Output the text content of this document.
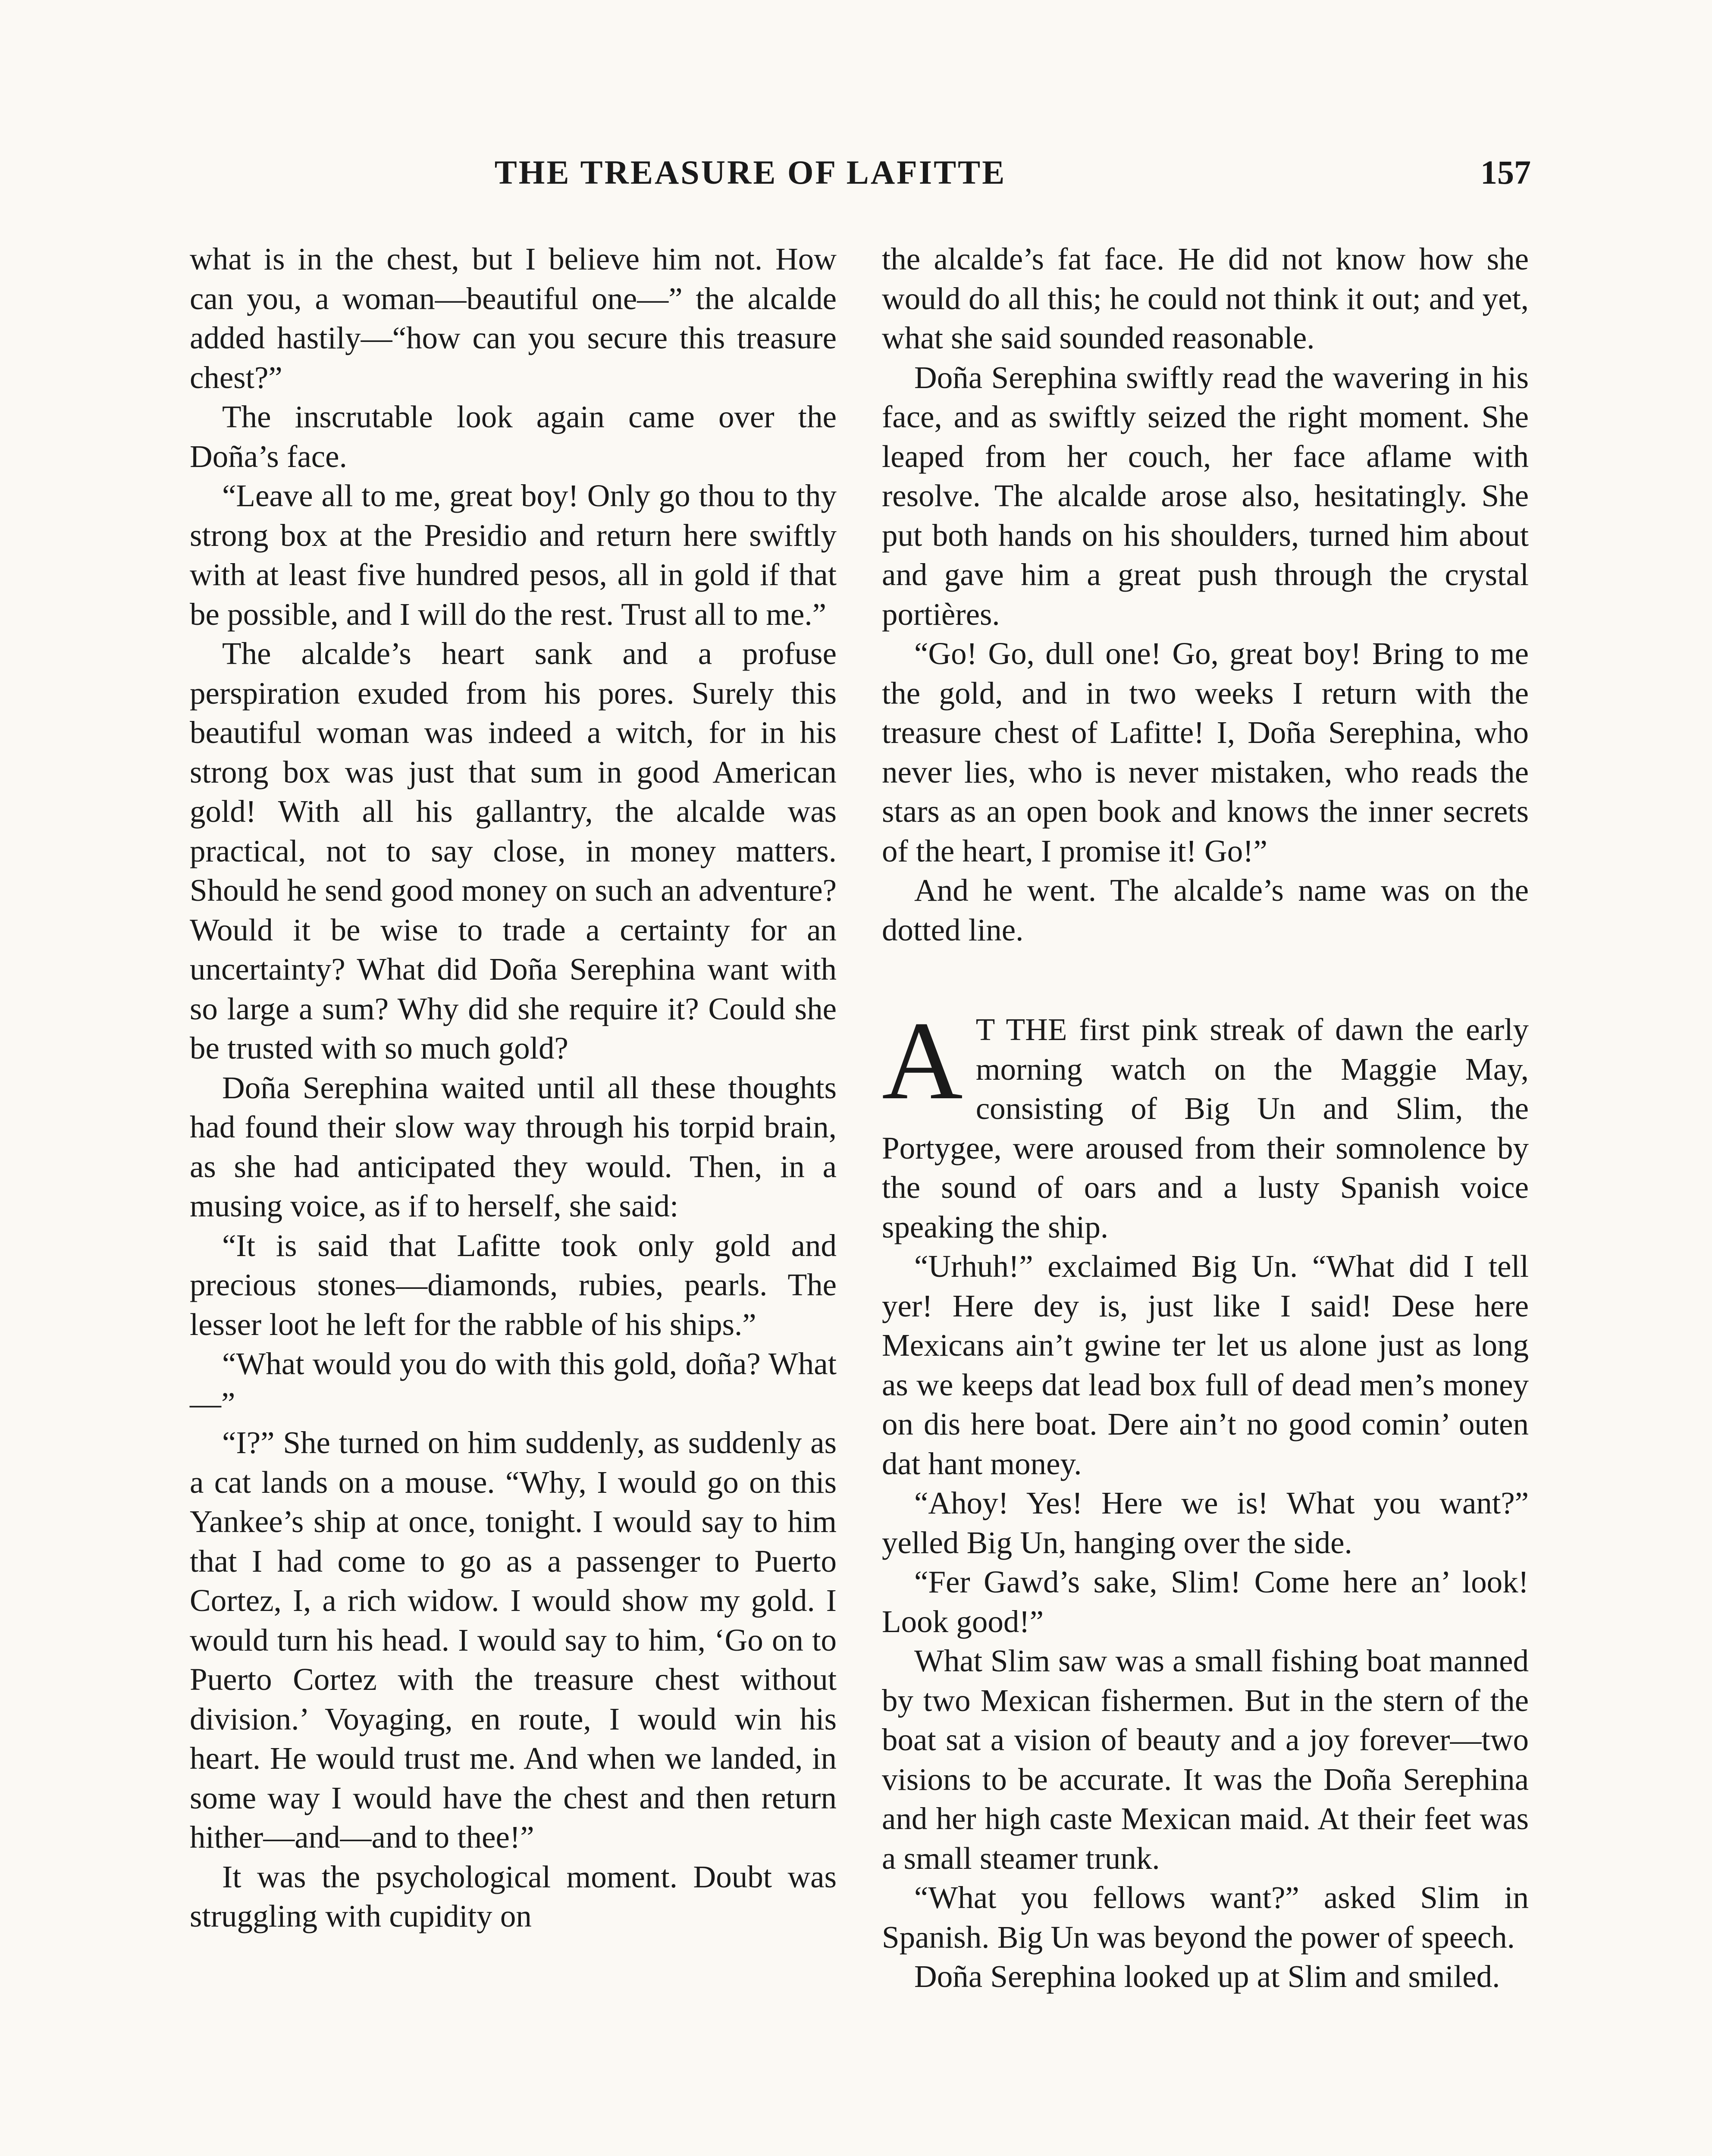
THE TREASURE OF LAFITTE	157

what is in the chest, but I believe him not. How can you, a woman—beautiful one—” the alcalde added hastily—“how can you secure this treasure chest?”

The inscrutable look again came over the Doña’s face.

“Leave all to me, great boy! Only go thou to thy strong box at the Presidio and return here swiftly with at least five hundred pesos, all in gold if that be possible, and I will do the rest. Trust all to me.”

The alcalde’s heart sank and a profuse perspiration exuded from his pores. Surely this beautiful woman was indeed a witch, for in his strong box was just that sum in good American gold! With all his gallantry, the alcalde was practical, not to say close, in money matters. Should he send good money on such an adventure? Would it be wise to trade a certainty for an uncertainty? What did Doña Serephina want with so large a sum? Why did she require it? Could she be trusted with so much gold?

Doña Serephina waited until all these thoughts had found their slow way through his torpid brain, as she had anticipated they would. Then, in a musing voice, as if to herself, she said:

“It is said that Lafitte took only gold and precious stones—diamonds, rubies, pearls. The lesser loot he left for the rabble of his ships.”

“What would you do with this gold, doña? What—”

“I?” She turned on him suddenly, as suddenly as a cat lands on a mouse. “Why, I would go on this Yankee’s ship at once, tonight. I would say to him that I had come to go as a passenger to Puerto Cortez, I, a rich widow. I would show my gold. I would turn his head. I would say to him, ‘Go on to Puerto Cortez with the treasure chest without division.’ Voyaging, en route, I would win his heart. He would trust me. And when we landed, in some way I would have the chest and then return hither—and—and to thee!”

It was the psychological moment. Doubt was struggling with cupidity on

the alcalde’s fat face. He did not know how she would do all this; he could not think it out; and yet, what she said sounded reasonable.

Doña Serephina swiftly read the wavering in his face, and as swiftly seized the right moment. She leaped from her couch, her face aflame with resolve. The alcalde arose also, hesitatingly. She put both hands on his shoulders, turned him about and gave him a great push through the crystal portières.

“Go! Go, dull one! Go, great boy! Bring to me the gold, and in two weeks I return with the treasure chest of Lafitte! I, Doña Serephina, who never lies, who is never mistaken, who reads the stars as an open book and knows the inner secrets of the heart, I promise it! Go!”

And he went. The alcalde’s name was on the dotted line.

A T THE first pink streak of dawn the early morning watch on the Maggie May, consisting of Big Un and Slim, the Portygee, were aroused from their somnolence by the sound of oars and a lusty Spanish voice speaking the ship.

“Urhuh!” exclaimed Big Un. “What did I tell yer! Here dey is, just like I said! Dese here Mexicans ain’t gwine ter let us alone just as long as we keeps dat lead box full of dead men’s money on dis here boat. Dere ain’t no good comin’ outen dat hant money.

“Ahoy! Yes! Here we is! What you want?” yelled Big Un, hanging over the side.

“Fer Gawd’s sake, Slim! Come here an’ look! Look good!”

What Slim saw was a small fishing boat manned by two Mexican fishermen. But in the stern of the boat sat a vision of beauty and a joy forever—two visions to be accurate. It was the Doña Serephina and her high caste Mexican maid. At their feet was a small steamer trunk.

“What you fellows want?” asked Slim in Spanish. Big Un was beyond the power of speech.

Doña Serephina looked up at Slim and smiled.
